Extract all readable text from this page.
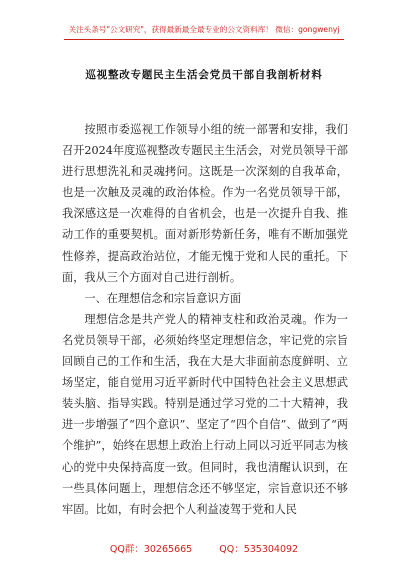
关注头条号"公文研究"，获得最新最全最专业的公文资料库！ 微信：gongwenyj
巡视整改专题民主生活会党员干部自我剖析材料

按照市委巡视工作领导小组的统一部署和安排，我们召开2024年度巡视整改专题民主生活会，对党员领导干部进行思想洗礼和灵魂拷问。这既是一次深刻的自我革命，也是一次触及灵魂的政治体检。作为一名党员领导干部，我深感这是一次难得的自省机会，也是一次提升自我、推动工作的重要契机。面对新形势新任务，唯有不断加强党性修养，提高政治站位，才能无愧于党和人民的重托。下面，我从三个方面对自己进行剖析。

一、在理想信念和宗旨意识方面

理想信念是共产党人的精神支柱和政治灵魂。作为一名党员领导干部，必须始终坚定理想信念，牢记党的宗旨回顾自己的工作和生活，我在大是大非面前态度鲜明、立场坚定，能自觉用习近平新时代中国特色社会主义思想武装头脑、指导实践。特别是通过学习党的二十大精神，我进一步增强了“四个意识”、坚定了“四个自信”、做到了“两个维护”，始终在思想上政治上行动上同以习近平同志为核心的党中央保持高度一致。但同时，我也清醒认识到，在一些具体问题上，理想信念还不够坚定，宗旨意识还不够牢固。比如，有时会把个人利益凌驾于党和人民

QQ群：30265665	QQ：535304092
